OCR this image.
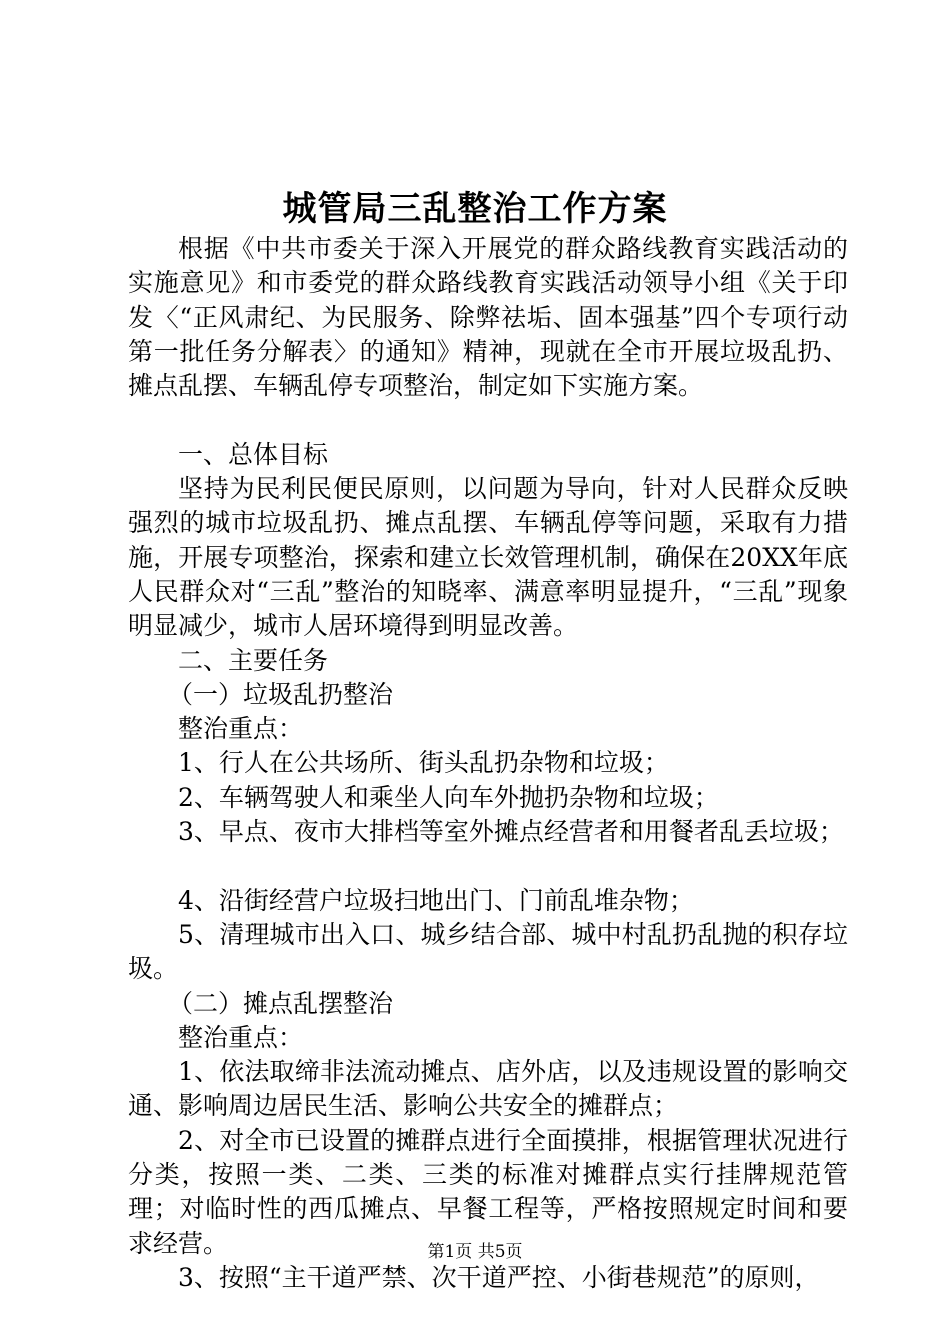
城管局三乱整治工作方案

根据《中共市委关于深入开展党的群众路线教育实践活动的实施意见》和市委党的群众路线教育实践活动领导小组《关于印发〈“正风肃纪、为民服务、除弊祛垢、固本强基”四个专项行动第一批任务分解表〉的通知》精神，现就在全市开展垃圾乱扔、摊点乱摆、车辆乱停专项整治，制定如下实施方案。

一、总体目标

坚持为民利民便民原则，以问题为导向，针对人民群众反映强烈的城市垃圾乱扔、摊点乱摆、车辆乱停等问题，采取有力措施，开展专项整治，探索和建立长效管理机制，确保在20XX年底人民群众对“三乱”整治的知晓率、满意率明显提升，“三乱”现象明显减少，城市人居环境得到明显改善。

二、主要任务

（一）垃圾乱扔整治

整治重点：

1、行人在公共场所、街头乱扔杂物和垃圾；

2、车辆驾驶人和乘坐人向车外抛扔杂物和垃圾；

3、早点、夜市大排档等室外摊点经营者和用餐者乱丢垃圾；

4、沿街经营户垃圾扫地出门、门前乱堆杂物；

5、清理城市出入口、城乡结合部、城中村乱扔乱抛的积存垃圾。

（二）摊点乱摆整治

整治重点：

1、依法取缔非法流动摊点、店外店，以及违规设置的影响交通、影响周边居民生活、影响公共安全的摊群点；

2、对全市已设置的摊群点进行全面摸排，根据管理状况进行分类，按照一类、二类、三类的标准对摊群点实行挂牌规范管理；对临时性的西瓜摊点、早餐工程等，严格按照规定时间和要求经营。

3、按照“主干道严禁、次干道严控、小街巷规范”的原则，

第1页 共5页
